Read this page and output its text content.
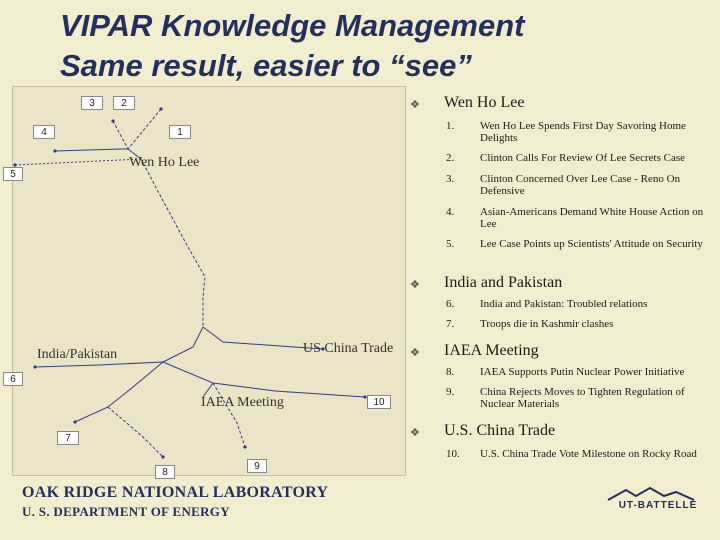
VIPAR Knowledge Management
Same result, easier to “see”
3	2
4	1
5
Wen Ho Lee
India/Pakistan	US China Trade
IAEA Meeting
6
10
7
8
9
❖ Wen Ho Lee
1.	Wen Ho Lee Spends First Day Savoring Home Delights
2.	Clinton Calls For Review Of Lee Secrets Case
3.	Clinton Concerned Over Lee Case - Reno On Defensive
4.	Asian-Americans Demand White House Action on Lee
5.	Lee Case Points up Scientists' Attitude on Security
❖ India and Pakistan
6.	India and Pakistan: Troubled relations
7.	Troops die in Kashmir clashes
❖ IAEA Meeting
8.	IAEA Supports Putin Nuclear Power Initiative
9.	China Rejects Moves to Tighten Regulation of Nuclear Materials
❖ U.S. China Trade
10.	U.S. China Trade Vote Milestone on Rocky Road
OAK RIDGE NATIONAL LABORATORY
U. S. DEPARTMENT OF ENERGY	UT-BATTELLE
